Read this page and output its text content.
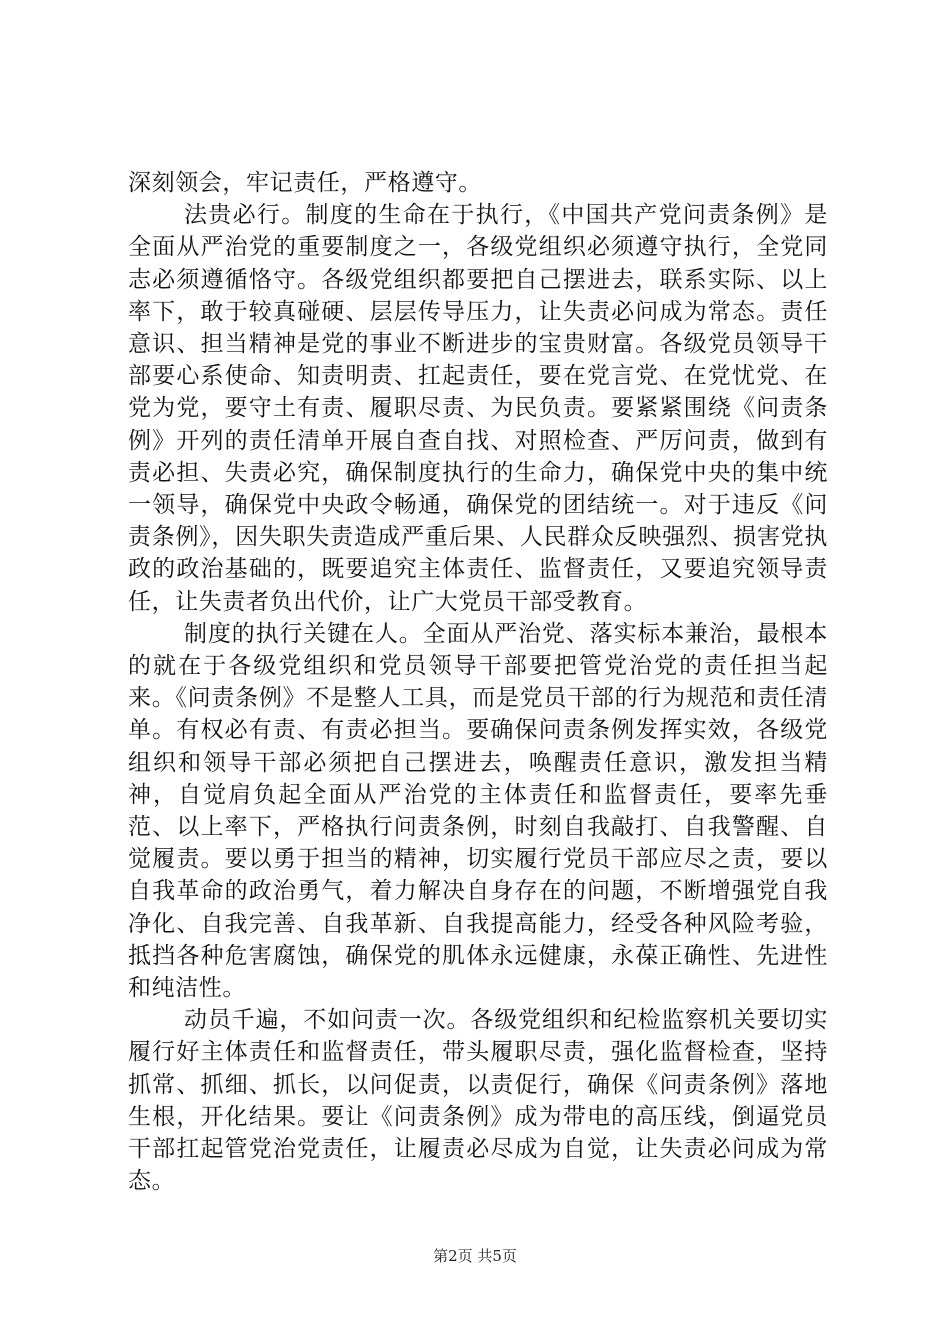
深刻领会，牢记责任，严格遵守。

法贵必行。制度的生命在于执行，《中国共产党问责条例》是全面从严治党的重要制度之一，各级党组织必须遵守执行，全党同志必须遵循恪守。各级党组织都要把自己摆进去，联系实际、以上率下，敢于较真碰硬、层层传导压力，让失责必问成为常态。责任意识、担当精神是党的事业不断进步的宝贵财富。各级党员领导干部要心系使命、知责明责、扛起责任，要在党言党、在党忧党、在党为党，要守土有责、履职尽责、为民负责。要紧紧围绕《问责条例》开列的责任清单开展自查自找、对照检查、严厉问责，做到有责必担、失责必究，确保制度执行的生命力，确保党中央的集中统一领导，确保党中央政令畅通，确保党的团结统一。对于违反《问责条例》，因失职失责造成严重后果、人民群众反映强烈、损害党执政的政治基础的，既要追究主体责任、监督责任，又要追究领导责任，让失责者负出代价，让广大党员干部受教育。

制度的执行关键在人。全面从严治党、落实标本兼治，最根本的就在于各级党组织和党员领导干部要把管党治党的责任担当起来。《问责条例》不是整人工具，而是党员干部的行为规范和责任清单。有权必有责、有责必担当。要确保问责条例发挥实效，各级党组织和领导干部必须把自己摆进去，唤醒责任意识，激发担当精神，自觉肩负起全面从严治党的主体责任和监督责任，要率先垂范、以上率下，严格执行问责条例，时刻自我敲打、自我警醒、自觉履责。要以勇于担当的精神，切实履行党员干部应尽之责，要以自我革命的政治勇气，着力解决自身存在的问题，不断增强党自我净化、自我完善、自我革新、自我提高能力，经受各种风险考验，抵挡各种危害腐蚀，确保党的肌体永远健康，永葆正确性、先进性和纯洁性。

动员千遍，不如问责一次。各级党组织和纪检监察机关要切实履行好主体责任和监督责任，带头履职尽责，强化监督检查，坚持抓常、抓细、抓长，以问促责，以责促行，确保《问责条例》落地生根，开化结果。要让《问责条例》成为带电的高压线，倒逼党员干部扛起管党治党责任，让履责必尽成为自觉，让失责必问成为常态。

第2页 共5页
